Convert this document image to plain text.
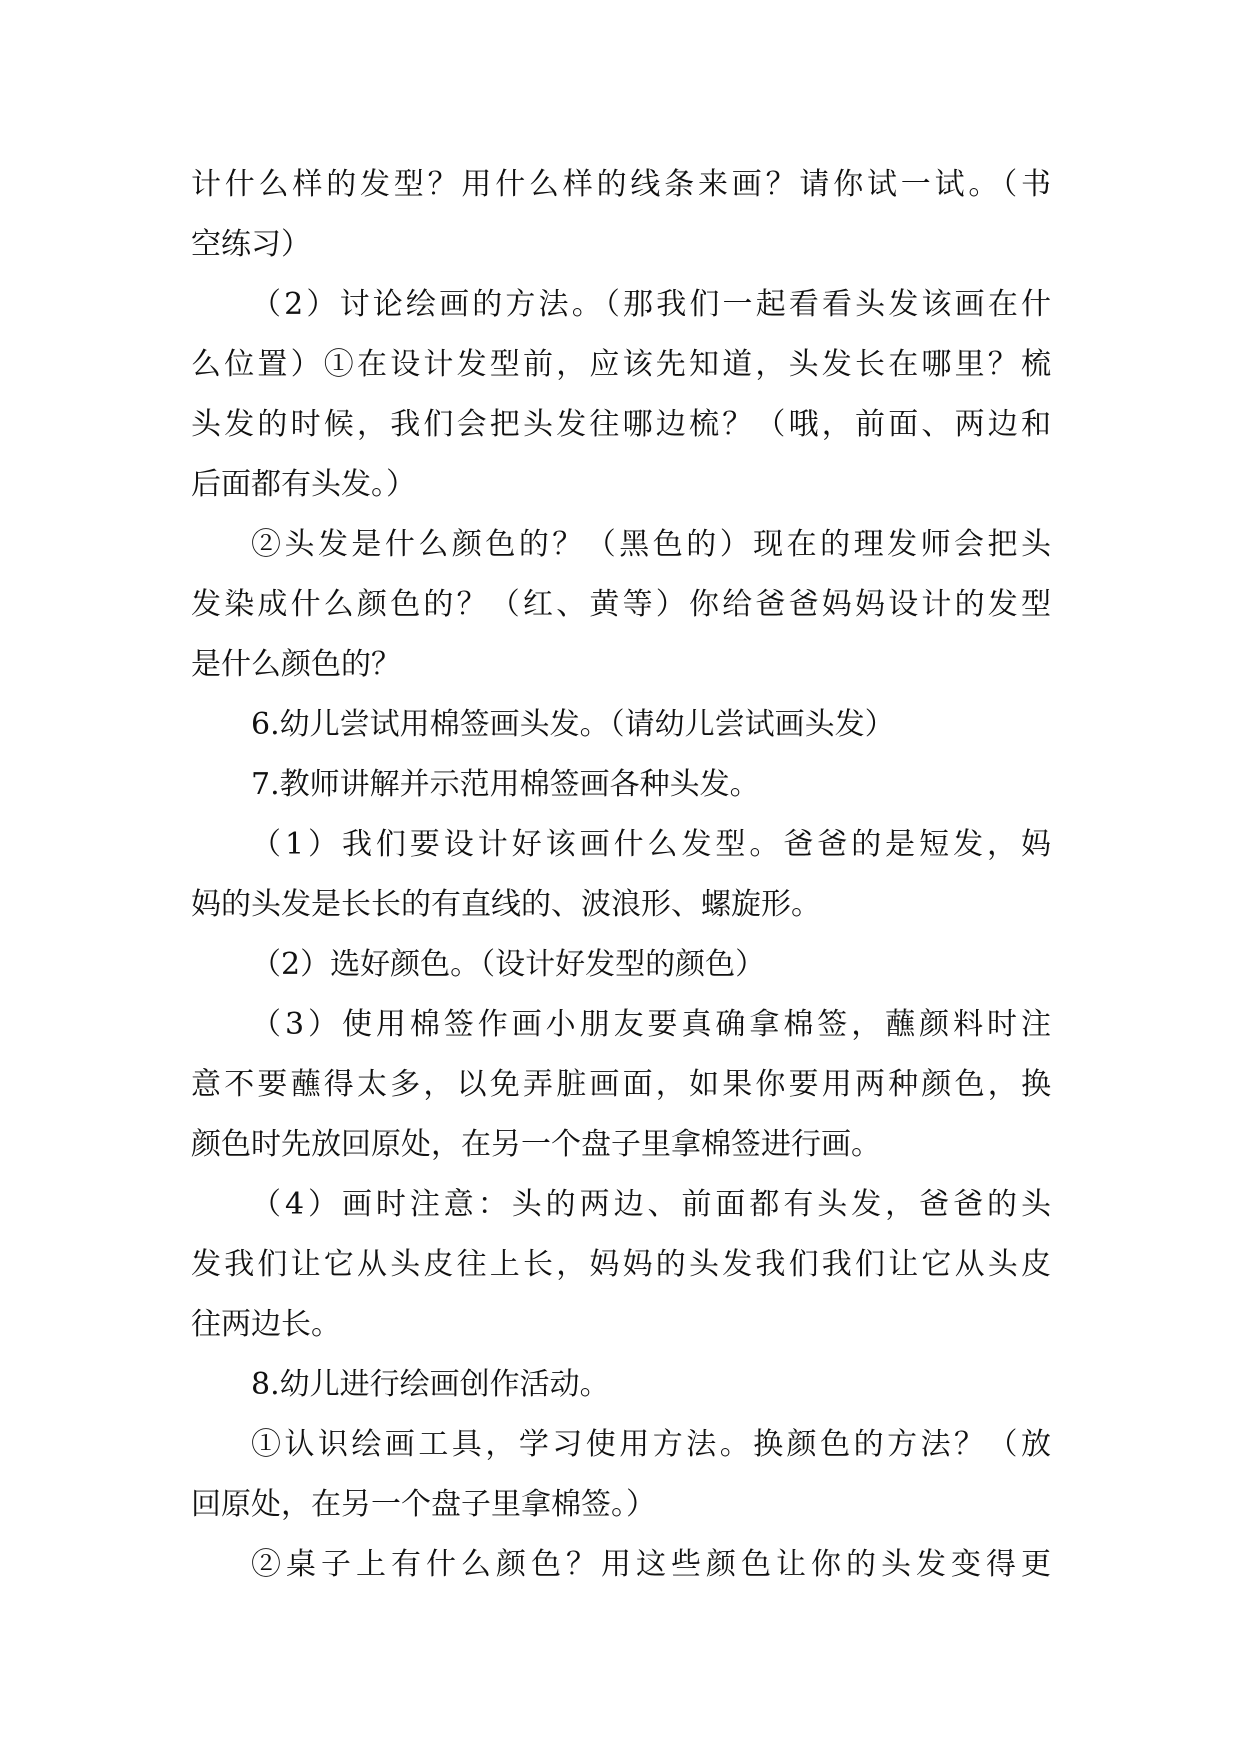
计什么样的发型？用什么样的线条来画？请你试一试。（书

空练习）

（2）讨论绘画的方法。（那我们一起看看头发该画在什

么位置）①在设计发型前，应该先知道，头发长在哪里？梳

头发的时候，我们会把头发往哪边梳？（哦，前面、两边和

后面都有头发。）

②头发是什么颜色的？（黑色的）现在的理发师会把头

发染成什么颜色的？（红、黄等）你给爸爸妈妈设计的发型

是什么颜色的？

6.幼儿尝试用棉签画头发。（请幼儿尝试画头发）

7.教师讲解并示范用棉签画各种头发。

（1）我们要设计好该画什么发型。爸爸的是短发，妈

妈的头发是长长的有直线的、波浪形、螺旋形。

（2）选好颜色。（设计好发型的颜色）

（3）使用棉签作画小朋友要真确拿棉签，蘸颜料时注

意不要蘸得太多，以免弄脏画面，如果你要用两种颜色，换

颜色时先放回原处，在另一个盘子里拿棉签进行画。

（4）画时注意：头的两边、前面都有头发，爸爸的头

发我们让它从头皮往上长，妈妈的头发我们我们让它从头皮

往两边长。

8.幼儿进行绘画创作活动。

①认识绘画工具，学习使用方法。换颜色的方法？（放

回原处，在另一个盘子里拿棉签。）

②桌子上有什么颜色？用这些颜色让你的头发变得更
